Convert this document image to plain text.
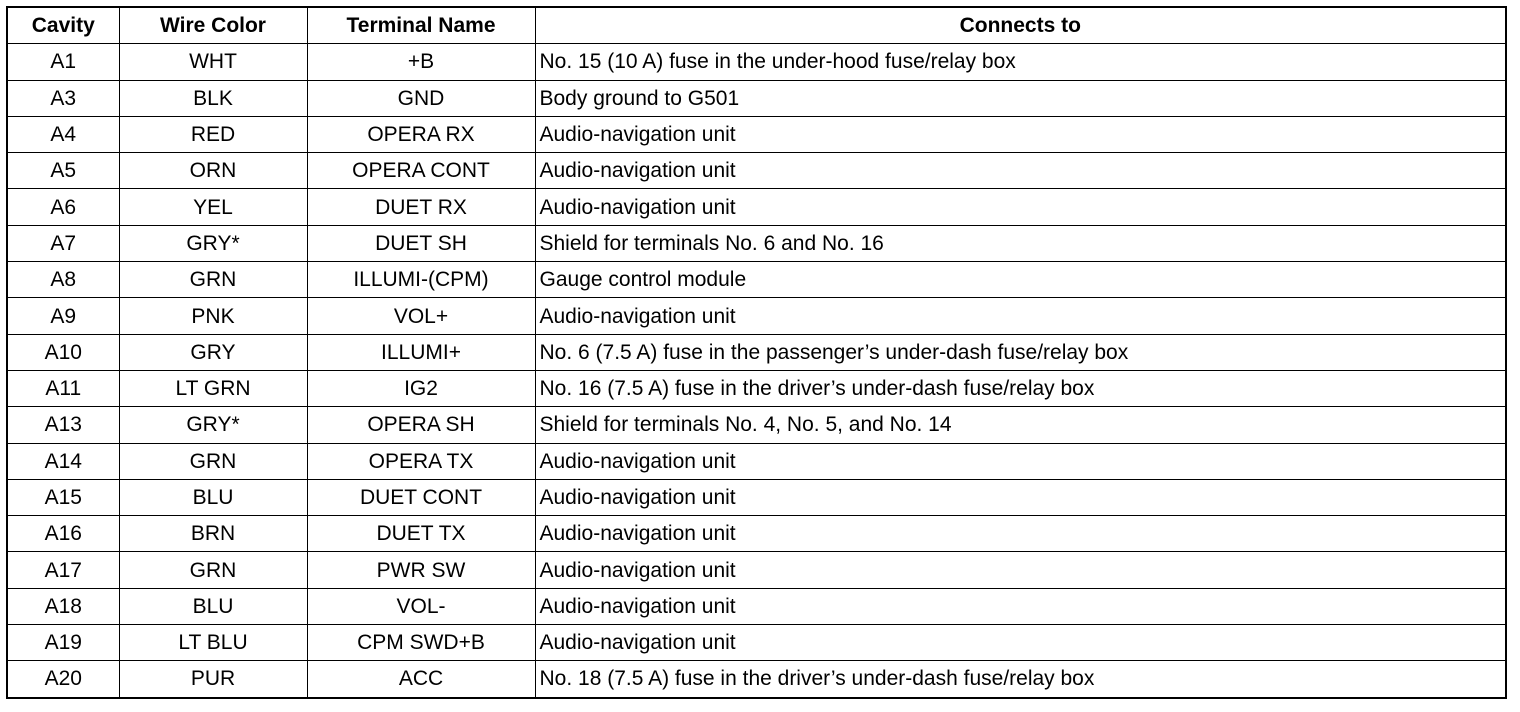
Cavity	Wire Color	Terminal Name	Connects to
A1	WHT	+B	No. 15 (10 A) fuse in the under-hood fuse/relay box
A3	BLK	GND	Body ground to G501
A4	RED	OPERA RX	Audio-navigation unit
A5	ORN	OPERA CONT	Audio-navigation unit
A6	YEL	DUET RX	Audio-navigation unit
A7	GRY*	DUET SH	Shield for terminals No. 6 and No. 16
A8	GRN	ILLUMI-(CPM)	Gauge control module
A9	PNK	VOL+	Audio-navigation unit
A10	GRY	ILLUMI+	No. 6 (7.5 A) fuse in the passenger’s under-dash fuse/relay box
A11	LT GRN	IG2	No. 16 (7.5 A) fuse in the driver’s under-dash fuse/relay box
A13	GRY*	OPERA SH	Shield for terminals No. 4, No. 5, and No. 14
A14	GRN	OPERA TX	Audio-navigation unit
A15	BLU	DUET CONT	Audio-navigation unit
A16	BRN	DUET TX	Audio-navigation unit
A17	GRN	PWR SW	Audio-navigation unit
A18	BLU	VOL-	Audio-navigation unit
A19	LT BLU	CPM SWD+B	Audio-navigation unit
A20	PUR	ACC	No. 18 (7.5 A) fuse in the driver’s under-dash fuse/relay box
